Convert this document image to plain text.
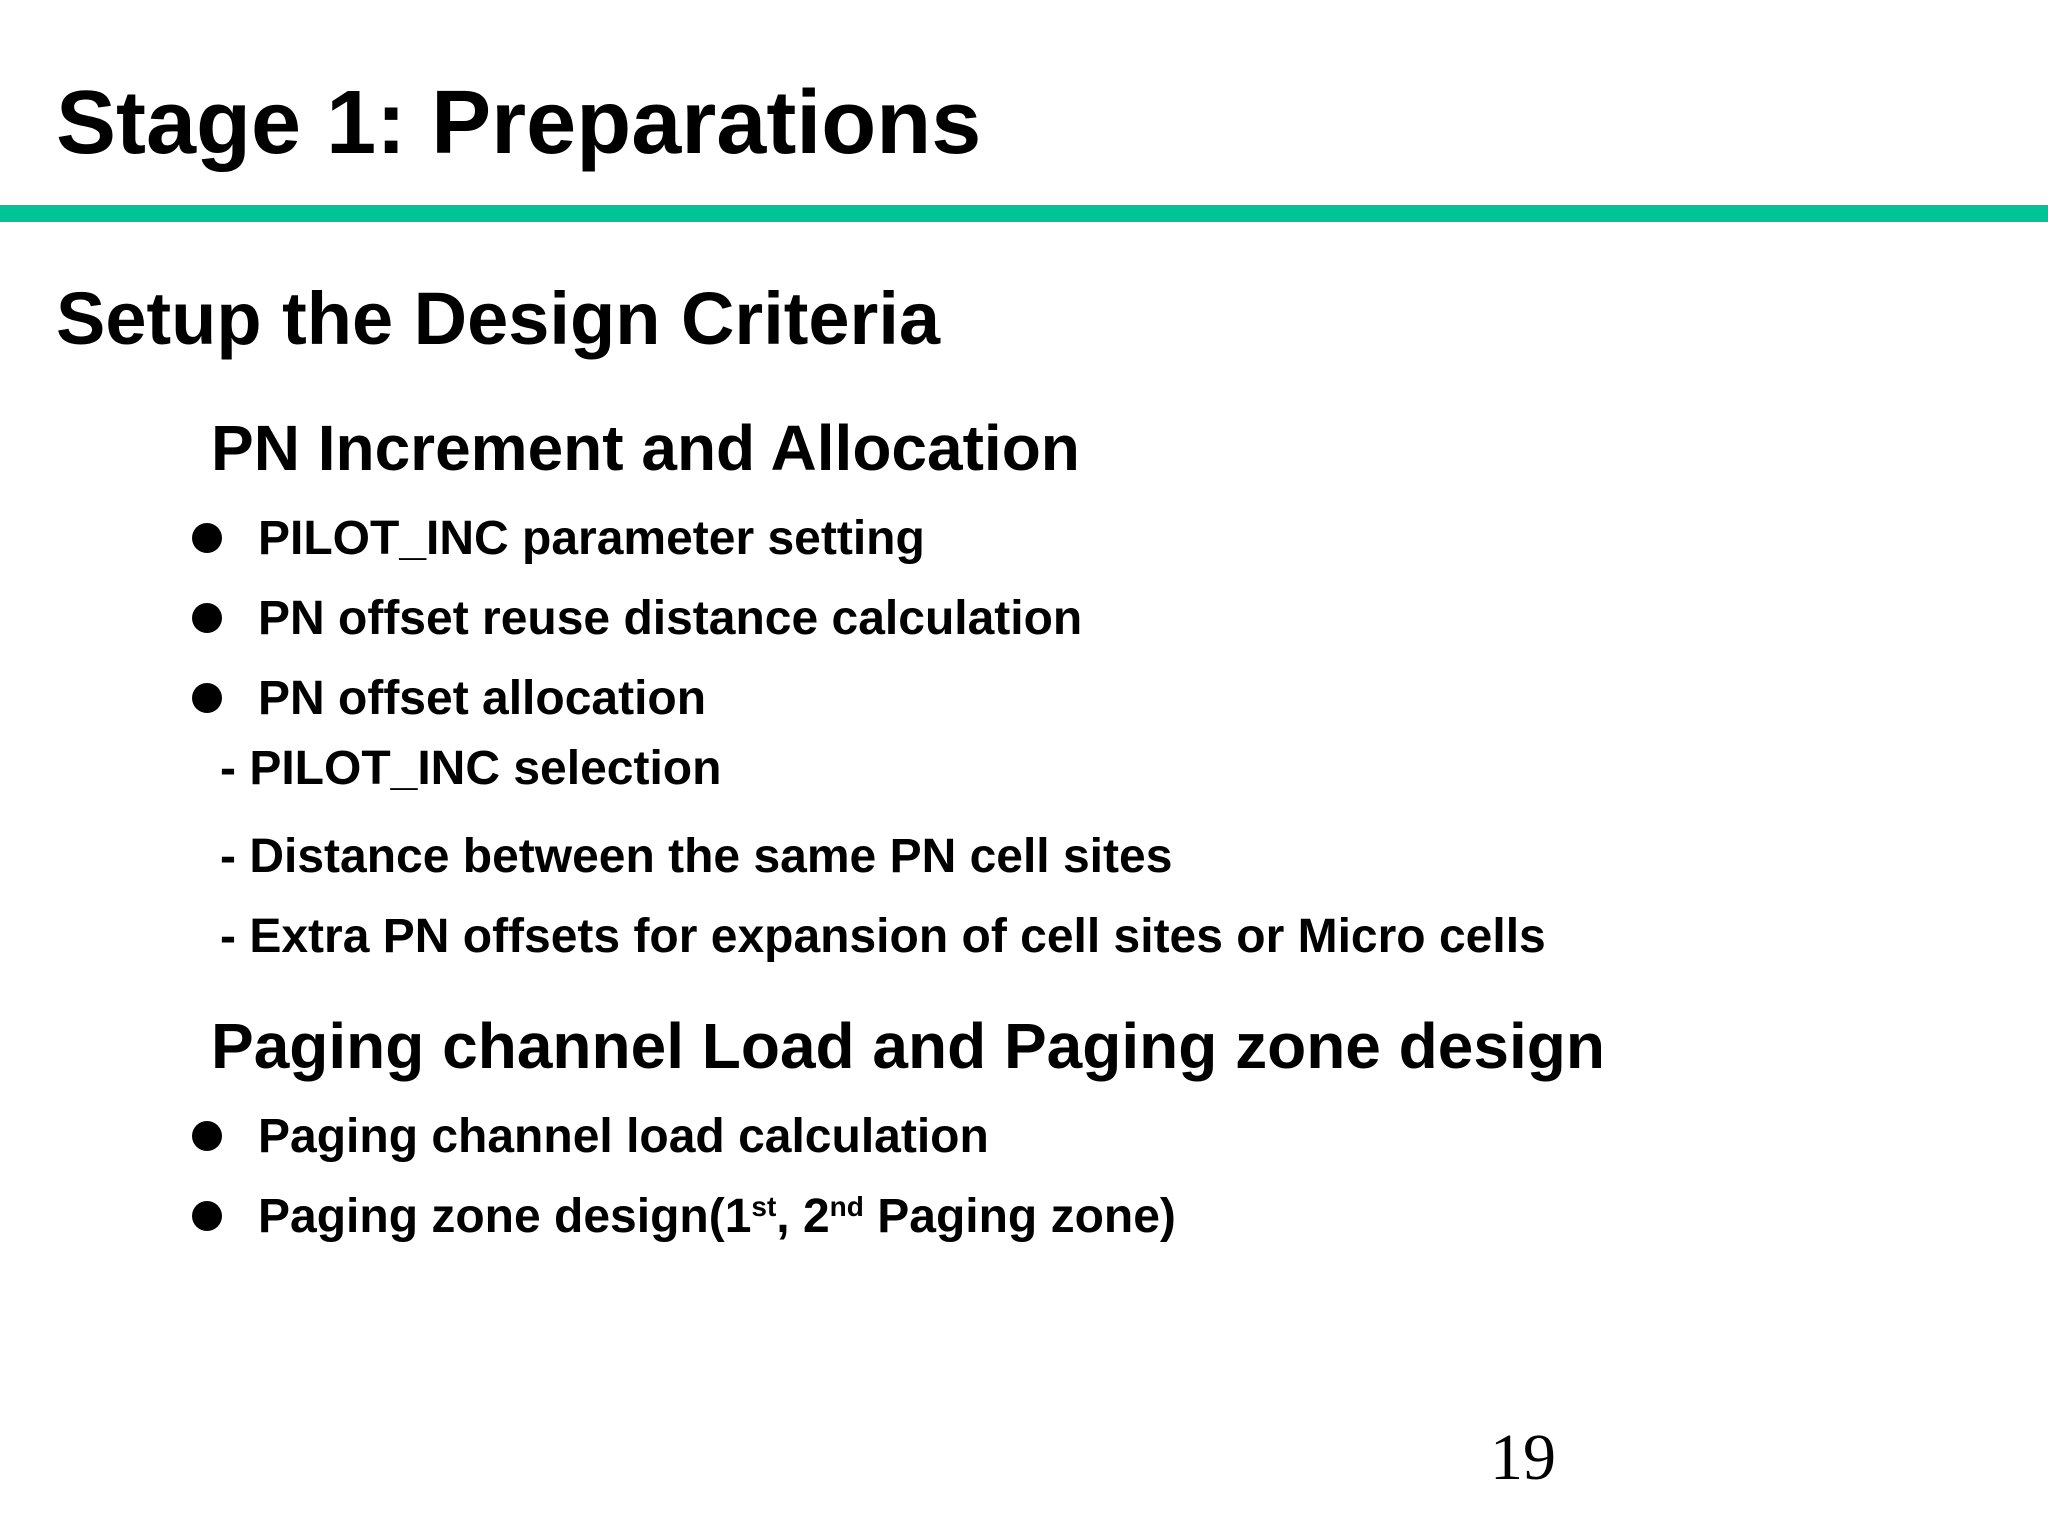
Stage 1: Preparations
Setup the Design Criteria
PN Increment and Allocation
PILOT_INC parameter setting
PN offset reuse distance calculation
PN offset allocation
- PILOT_INC selection
- Distance between the same PN cell sites
- Extra PN offsets for expansion of cell sites or Micro cells
Paging channel Load and Paging zone design
Paging channel load calculation
Paging zone design(1st, 2nd Paging zone)
19
